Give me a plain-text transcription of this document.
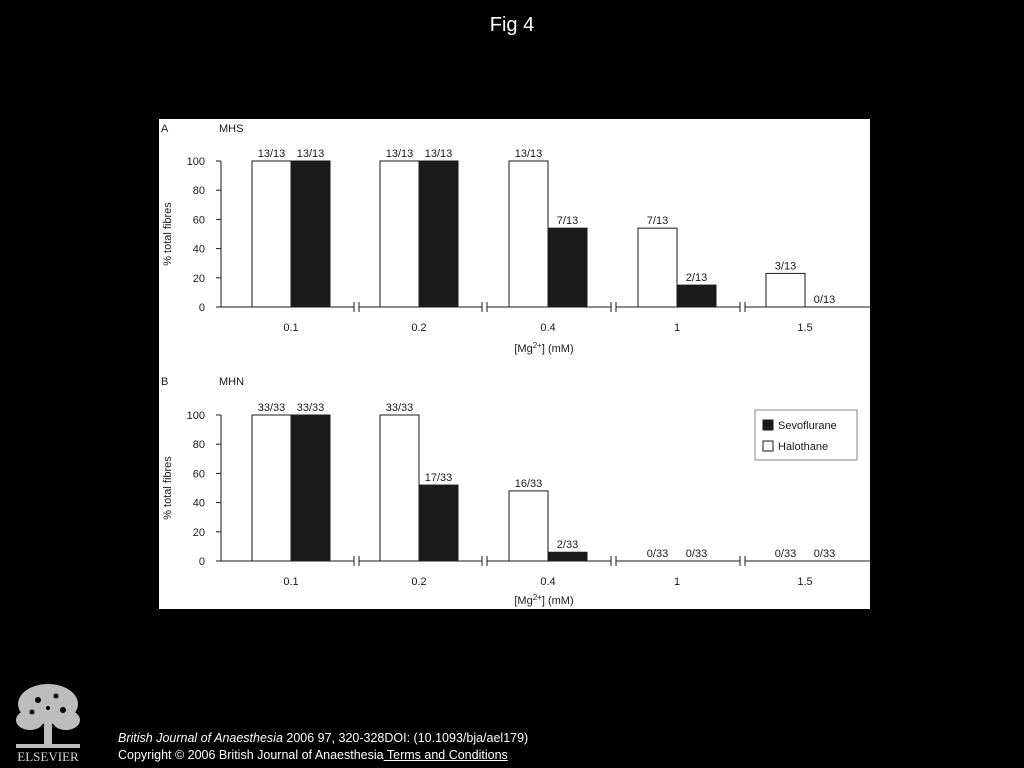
Fig 4
A	MHS
0
20
40
60
80
100
% total fibres
13/13 13/13
0.1
13/13 13/13
0.2
13/13
7/13
0.4
7/13
2/13
1
3/13
0/13
1.5
$[Mg^{2+}]$ (mM)
B	MHN
0
20
40
60
80
100
% total fibres
33/33 33/33
0.1
33/33
17/33
0.2
16/33
2/33
0.4
0/33 0/33
1
0/33 0/33
1.5
$[Mg^{2+}]$ (mM)
Sevoflurane
Halothane
ELSEVIER
British Journal of Anaesthesia 2006 97, 320-328DOI: (10.1093/bja/ael179)
Copyright © 2006 British Journal of Anaesthesia Terms and Conditions
